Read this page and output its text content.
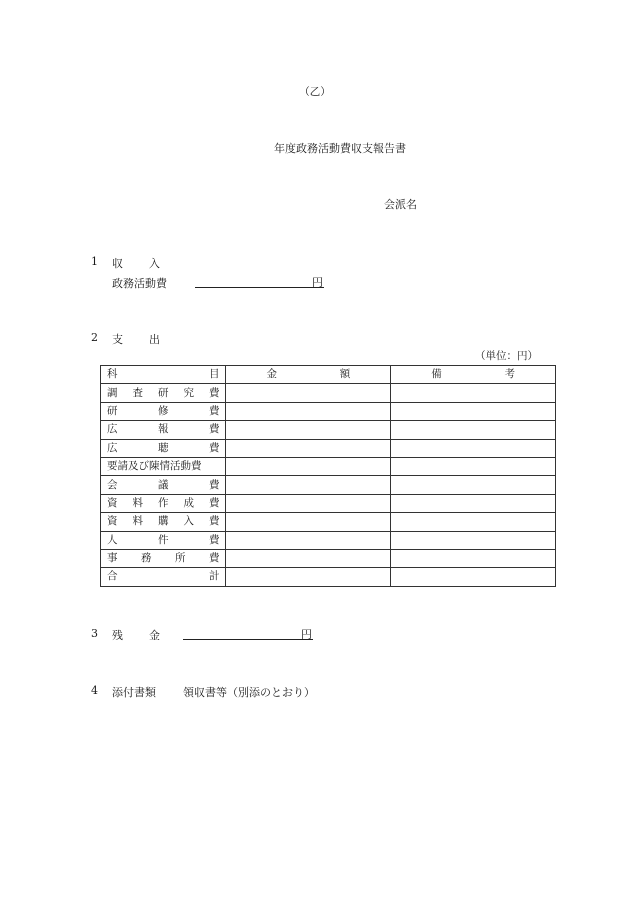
（乙）
年度政務活動費収支報告書
会派名
1 収 入
政務活動費	円
2 支 出
（単位：円）
科 目	金 額	備 考

調 査 研 究 費		

研 修 費		

広 報 費		

広 聴 費		

要請及び陳情活動費		

会 議 費		

資 料 作 成 費		

資 料 購 入 費		

人 件 費		

事 務 所 費		

合 計		

3 残 金	円
4 添付書類 領収書等（別添のとおり）
